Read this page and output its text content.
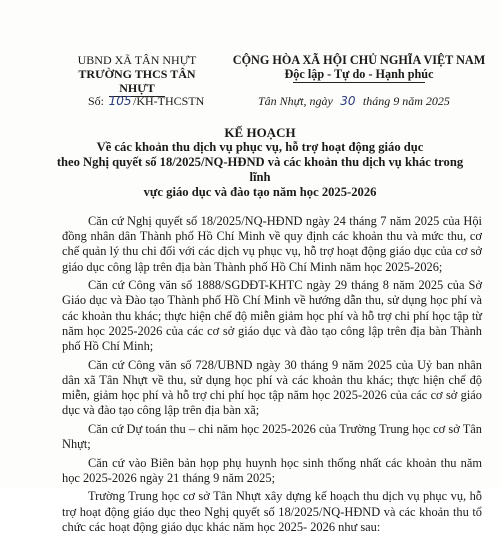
UBND XÃ TÂN NHỰT
TRƯỜNG THCS TÂN NHỰT
CỘNG HÒA XÃ HỘI CHỦ NGHĨA VIỆT NAM
Độc lập - Tự do - Hạnh phúc
Số: 105 /KH-THCSTN	Tân Nhựt, ngày 30 tháng 9 năm 2025
KẾ HOẠCH
Về các khoản thu dịch vụ phục vụ, hỗ trợ hoạt động giáo dục
theo Nghị quyết số 18/2025/NQ-HĐND và các khoản thu dịch vụ khác trong lĩnh
vực giáo dục và đào tạo năm học 2025-2026

Căn cứ Nghị quyết số 18/2025/NQ-HĐND ngày 24 tháng 7 năm 2025 của Hội đồng nhân dân Thành phố Hồ Chí Minh về quy định các khoản thu và mức thu, cơ chế quản lý thu chi đối với các dịch vụ phục vụ, hỗ trợ hoạt động giáo dục của cơ sở giáo dục công lập trên địa bàn Thành phố Hồ Chí Minh năm học 2025-2026;

Căn cứ Công văn số 1888/SGDĐT-KHTC ngày 29 tháng 8 năm 2025 của Sở Giáo dục và Đào tạo Thành phố Hồ Chí Minh về hướng dẫn thu, sử dụng học phí và các khoản thu khác; thực hiện chế độ miễn giảm học phí và hỗ trợ chi phí học tập từ năm học 2025-2026 của các cơ sở giáo dục và đào tạo công lập trên địa bàn Thành phố Hồ Chí Minh;

Căn cứ Công văn số 728/UBND ngày 30 tháng 9 năm 2025 của Uỷ ban nhân dân xã Tân Nhựt về thu, sử dụng học phí và các khoản thu khác; thực hiện chế độ miễn, giảm học phí và hỗ trợ chi phí học tập năm học 2025-2026 của các cơ sở giáo dục và đào tạo công lập trên địa bàn xã;

Căn cứ Dự toán thu – chi năm học 2025-2026 của Trường Trung học cơ sở Tân Nhựt;

Căn cứ vào Biên bản họp phụ huynh học sinh thống nhất các khoản thu năm học 2025-2026 ngày 21 tháng 9 năm 2025;

Trường Trung học cơ sở Tân Nhựt xây dựng kế hoạch thu dịch vụ phục vụ, hỗ trợ hoạt động giáo dục theo Nghị quyết số 18/2025/NQ-HĐND và các khoản thu tổ chức các hoạt động giáo dục khác năm học 2025- 2026 như sau:
